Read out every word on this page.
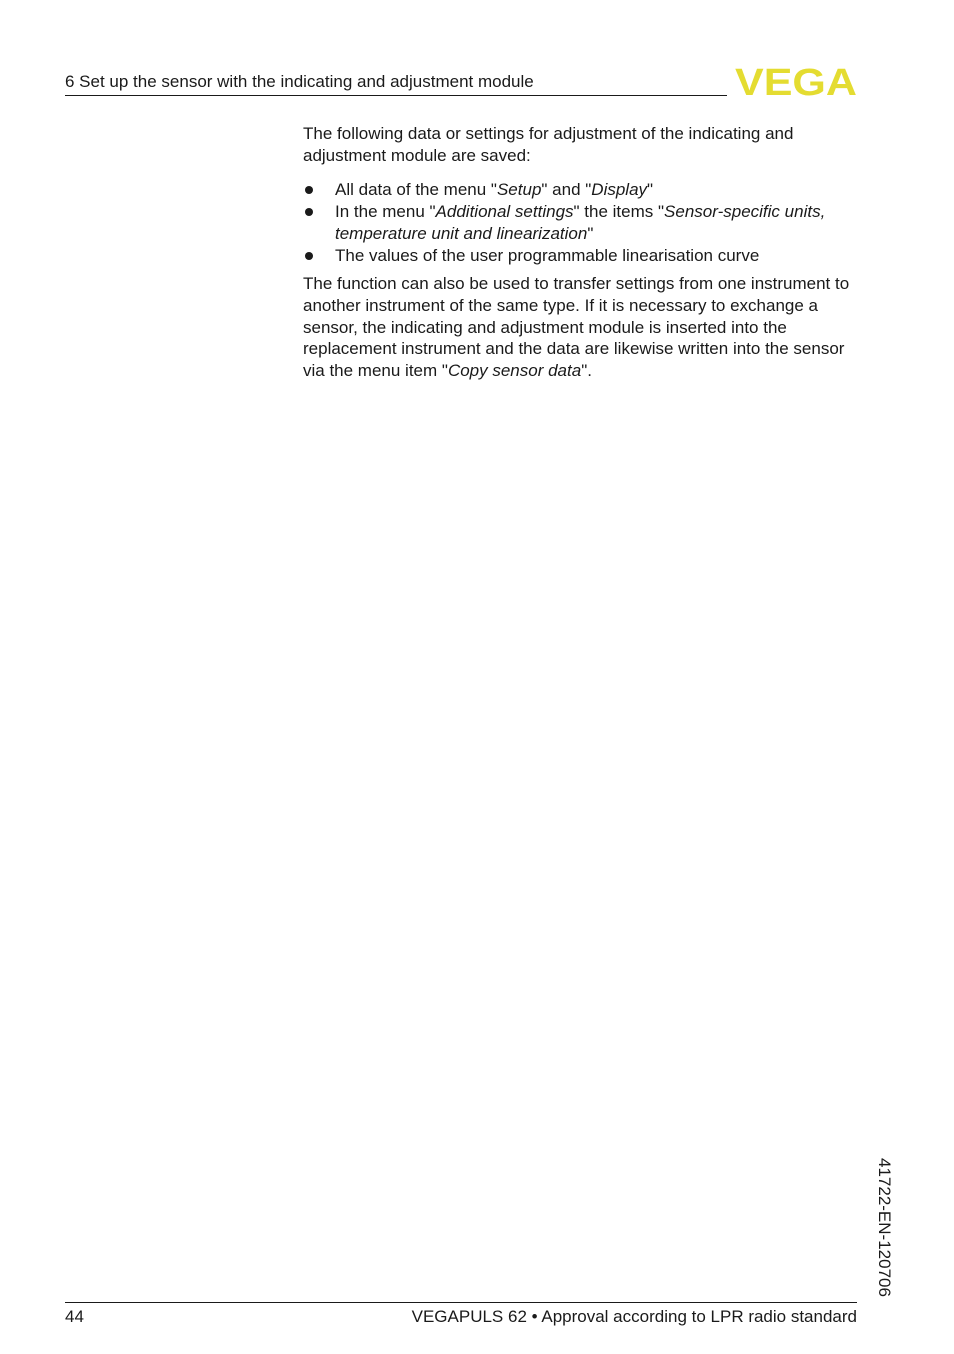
6 Set up the sensor with the indicating and adjustment module	VEGA

The following data or settings for adjustment of the indicating and adjustment module are saved:

All data of the menu "Setup" and "Display"
In the menu "Additional settings" the items "Sensor-specific units, temperature unit and linearization"
The values of the user programmable linearisation curve

The function can also be used to transfer settings from one instrument to another instrument of the same type. If it is necessary to exchange a sensor, the indicating and adjustment module is inserted into the replacement instrument and the data are likewise written into the sensor via the menu item "Copy sensor data".

41722-EN-120706
44	VEGAPULS 62 • Approval according to LPR radio standard
